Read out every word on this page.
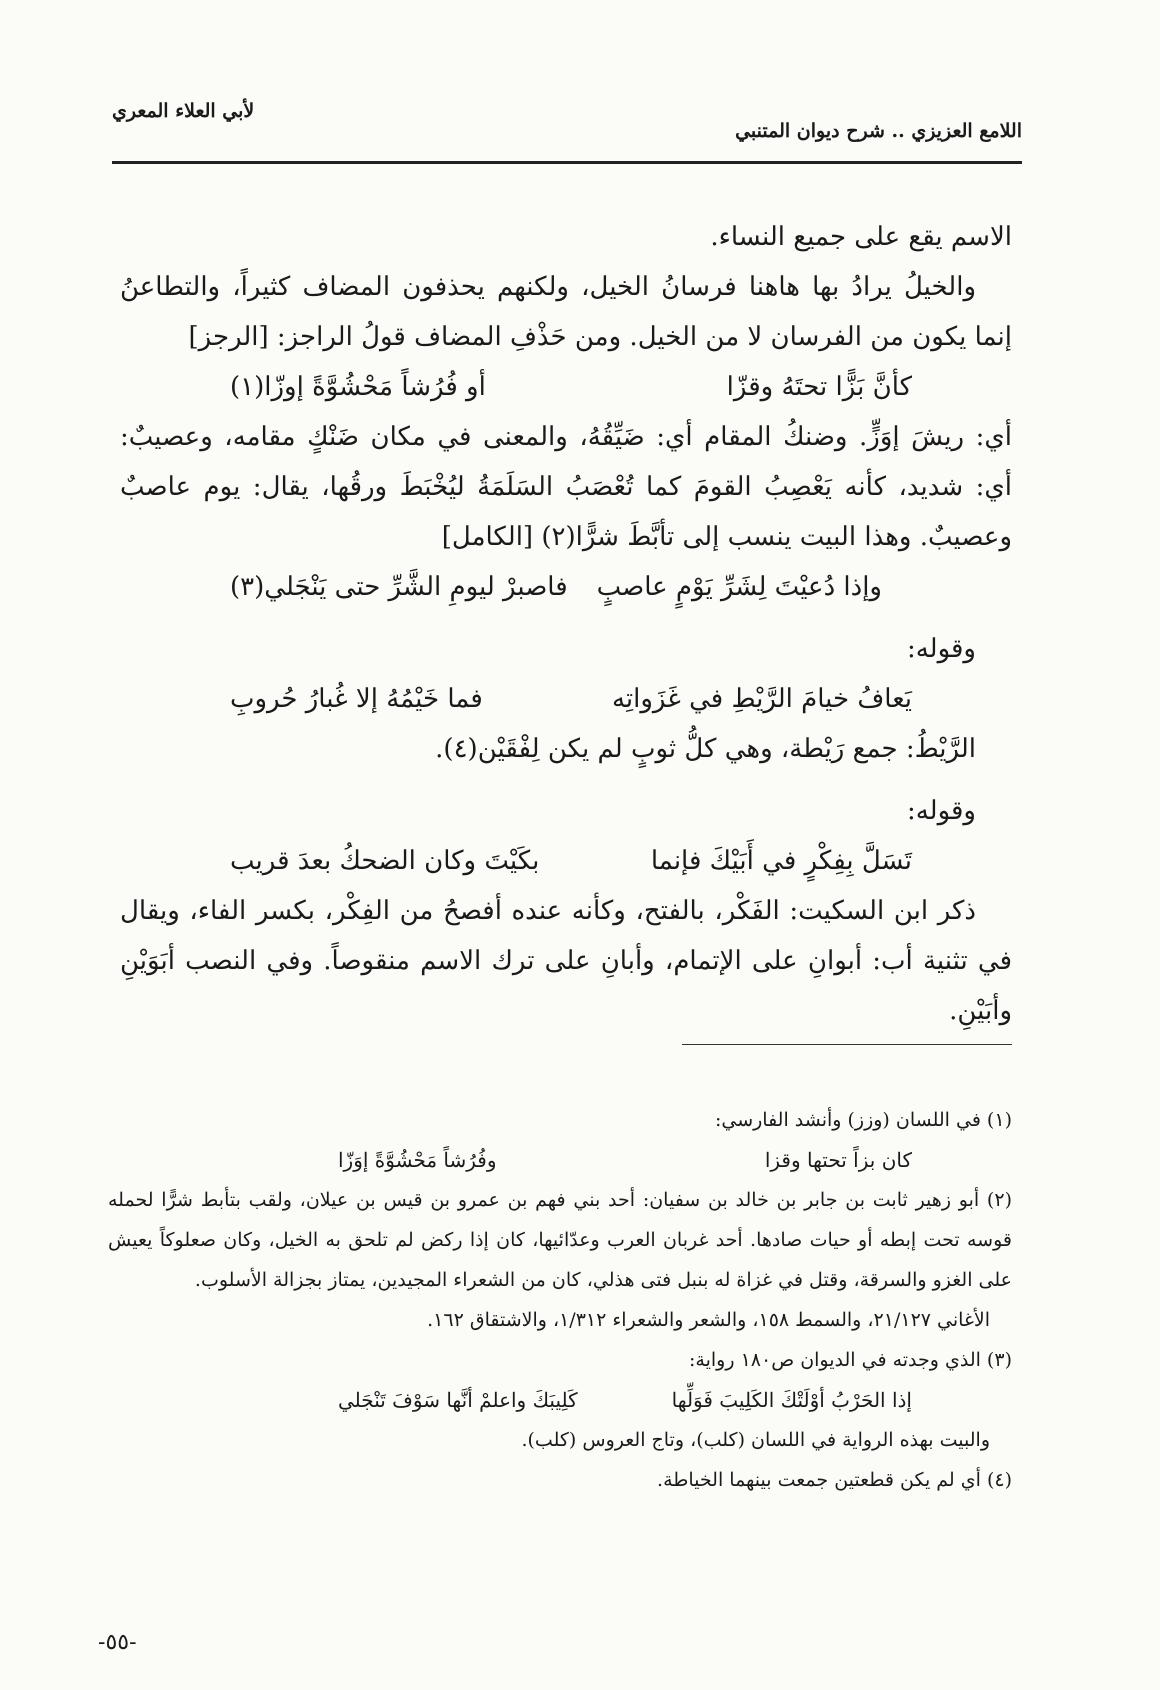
اللامع العزيزي .. شرح ديوان المتنبي
لأبي العلاء المعري
الاسم يقع على جميع النساء.
والخيلُ يرادُ بها هاهنا فرسانُ الخيل، ولكنهم يحذفون المضاف كثيراً، والتطاعنُ إنما يكون من الفرسان لا من الخيل. ومن حَذْفِ المضاف قولُ الراجز: [الرجز]
كأنَّ بَزًّا تحتَهُ وقزّا
أو فُرُشاً مَحْشُوَّةً إوزّا(١)
أي: ريشَ إوَزٍّ. وضنكُ المقام أي: ضَيِّقُهُ، والمعنى في مكان ضَنْكٍ مقامه، وعصيبٌ: أي: شديد، كأنه يَعْصِبُ القومَ كما تُعْصَبُ السَلَمَةُ ليُخْبَطَ ورقُها، يقال: يوم عاصبٌ وعصيبٌ. وهذا البيت ينسب إلى تأبَّطَ شرًّا(٢) [الكامل]
وإذا دُعيْتَ لِشَرِّ يَوْمٍ عاصبٍ
فاصبرْ ليومِ الشَّرِّ حتى يَنْجَلي(٣)
وقوله:
يَعافُ خيامَ الرَّيْطِ في غَزَواتِه
فما خَيْمُهُ إلا غُبارُ حُروبِ
الرَّيْطُ: جمع رَيْطة، وهي كلُّ ثوبٍ لم يكن لِفْقَيْن(٤).
وقوله:
تَسَلَّ بِفِكْرٍ في أَبَيْكَ فإنما
بكَيْتَ وكان الضحكُ بعدَ قريب
ذكر ابن السكيت: الفَكْر، بالفتح، وكأنه عنده أفصحُ من الفِكْر، بكسر الفاء، ويقال في تثنية أب: أبوانِ على الإتمام، وأبانِ على ترك الاسم منقوصاً. وفي النصب أبَوَيْنِ وأبَيْنِ.
(١) في اللسان (وزز) وأنشد الفارسي:
كان بزاً تحتها وقزا
وفُرُشاً مَحْشُوَّةً إوَزّا
(٢) أبو زهير ثابت بن جابر بن خالد بن سفيان: أحد بني فهم بن عمرو بن قيس بن عيلان، ولقب بتأبط شرًّا لحمله قوسه تحت إبطه أو حيات صادها. أحد غربان العرب وعدّائيها، كان إذا ركض لم تلحق به الخيل، وكان صعلوكاً يعيش على الغزو والسرقة، وقتل في غزاة له بنبل فتى هذلي، كان من الشعراء المجيدين، يمتاز بجزالة الأسلوب.
الأغاني ٢١/١٢٧، والسمط ١٥٨، والشعر والشعراء ١/٣١٢، والاشتقاق ١٦٢.
(٣) الذي وجدته في الديوان ص١٨٠ رواية:
إذا الحَرْبُ أوْلَتْكَ الكَلِيبَ فَوَلِّها
كَلِيبَكَ واعلمْ أنَّها سَوْفَ تَنْجَلي
والبيت بهذه الرواية في اللسان (كلب)، وتاج العروس (كلب).
(٤) أي لم يكن قطعتين جمعت بينهما الخياطة.
-٥٥-
